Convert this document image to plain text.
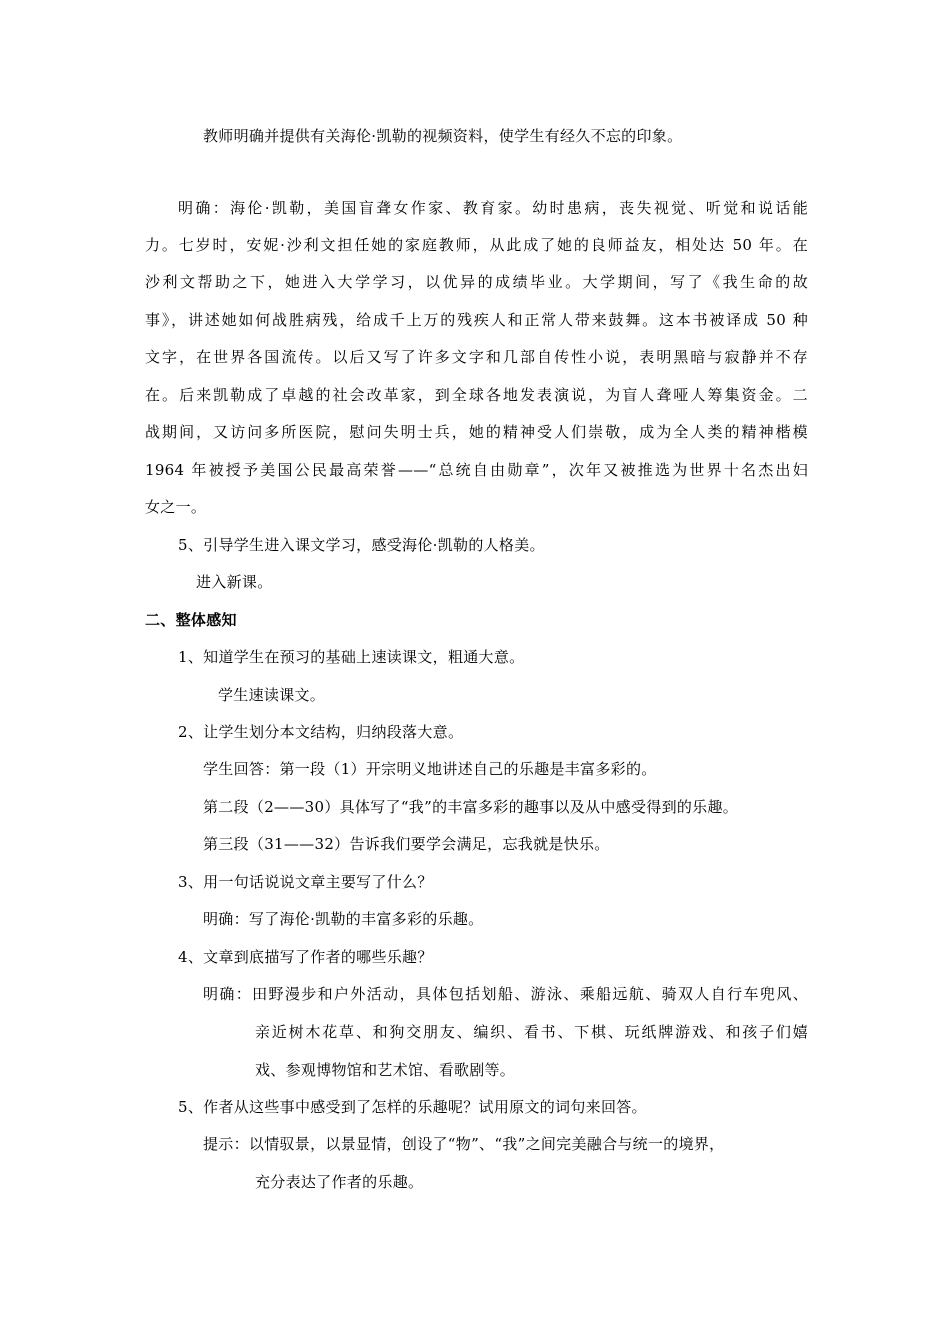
教师明确并提供有关海伦·凯勒的视频资料，使学生有经久不忘的印象。
明确：海伦·凯勒，美国盲聋女作家、教育家。幼时患病，丧失视觉、听觉和说话能
力。七岁时，安妮·沙利文担任她的家庭教师，从此成了她的良师益友，相处达 50 年。在
沙利文帮助之下，她进入大学学习，以优异的成绩毕业。大学期间，写了《我生命的故
事》，讲述她如何战胜病残，给成千上万的残疾人和正常人带来鼓舞。这本书被译成 50 种
文字，在世界各国流传。以后又写了许多文字和几部自传性小说，表明黑暗与寂静并不存
在。后来凯勒成了卓越的社会改革家，到全球各地发表演说，为盲人聋哑人筹集资金。二
战期间，又访问多所医院，慰问失明士兵，她的精神受人们崇敬，成为全人类的精神楷模
1964 年被授予美国公民最高荣誉——“总统自由勋章”，次年又被推选为世界十名杰出妇
女之一。
5、引导学生进入课文学习，感受海伦·凯勒的人格美。
进入新课。
二、整体感知
1、知道学生在预习的基础上速读课文，粗通大意。
学生速读课文。
2、让学生划分本文结构，归纳段落大意。
学生回答：第一段（1）开宗明义地讲述自己的乐趣是丰富多彩的。
第二段（2——30）具体写了“我”的丰富多彩的趣事以及从中感受得到的乐趣。
第三段（31——32）告诉我们要学会满足，忘我就是快乐。
3、用一句话说说文章主要写了什么？
明确：写了海伦·凯勒的丰富多彩的乐趣。
4、文章到底描写了作者的哪些乐趣？
明确：田野漫步和户外活动，具体包括划船、游泳、乘船远航、骑双人自行车兜风、
亲近树木花草、和狗交朋友、编织、看书、下棋、玩纸牌游戏、和孩子们嬉
戏、参观博物馆和艺术馆、看歌剧等。
5、作者从这些事中感受到了怎样的乐趣呢？试用原文的词句来回答。
提示：以情驭景，以景显情，创设了“物”、“我”之间完美融合与统一的境界，
充分表达了作者的乐趣。
